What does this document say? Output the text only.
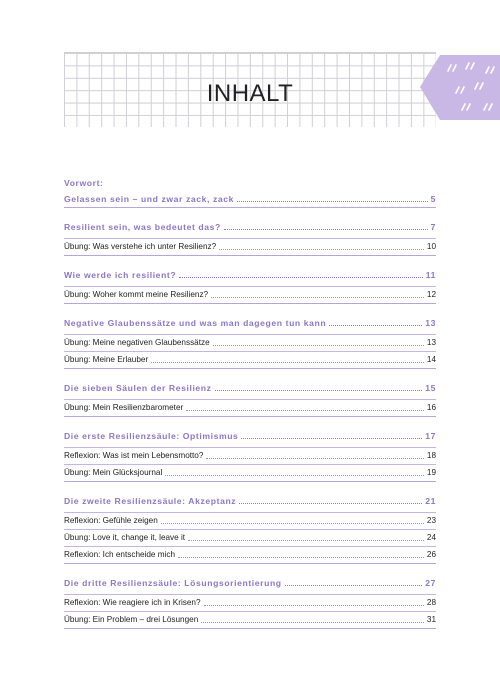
INHALT
Vorwort:
Gelassen sein – und zwar zack, zack	5
Resilient sein, was bedeutet das?	7
Übung: Was verstehe ich unter Resilienz?	10
Wie werde ich resilient?	11
Übung: Woher kommt meine Resilienz?	12
Negative Glaubenssätze und was man dagegen tun kann	13
Übung: Meine negativen Glaubenssätze	13
Übung: Meine Erlauber	14
Die sieben Säulen der Resilienz	15
Übung: Mein Resilienzbarometer	16
Die erste Resilienzsäule: Optimismus	17
Reflexion: Was ist mein Lebensmotto?	18
Übung: Mein Glücksjournal	19
Die zweite Resilienzsäule: Akzeptanz	21
Reflexion: Gefühle zeigen	23
Übung: Love it, change it, leave it	24
Reflexion: Ich entscheide mich	26
Die dritte Resilienzsäule: Lösungsorientierung	27
Reflexion: Wie reagiere ich in Krisen?	28
Übung: Ein Problem – drei Lösungen	31
